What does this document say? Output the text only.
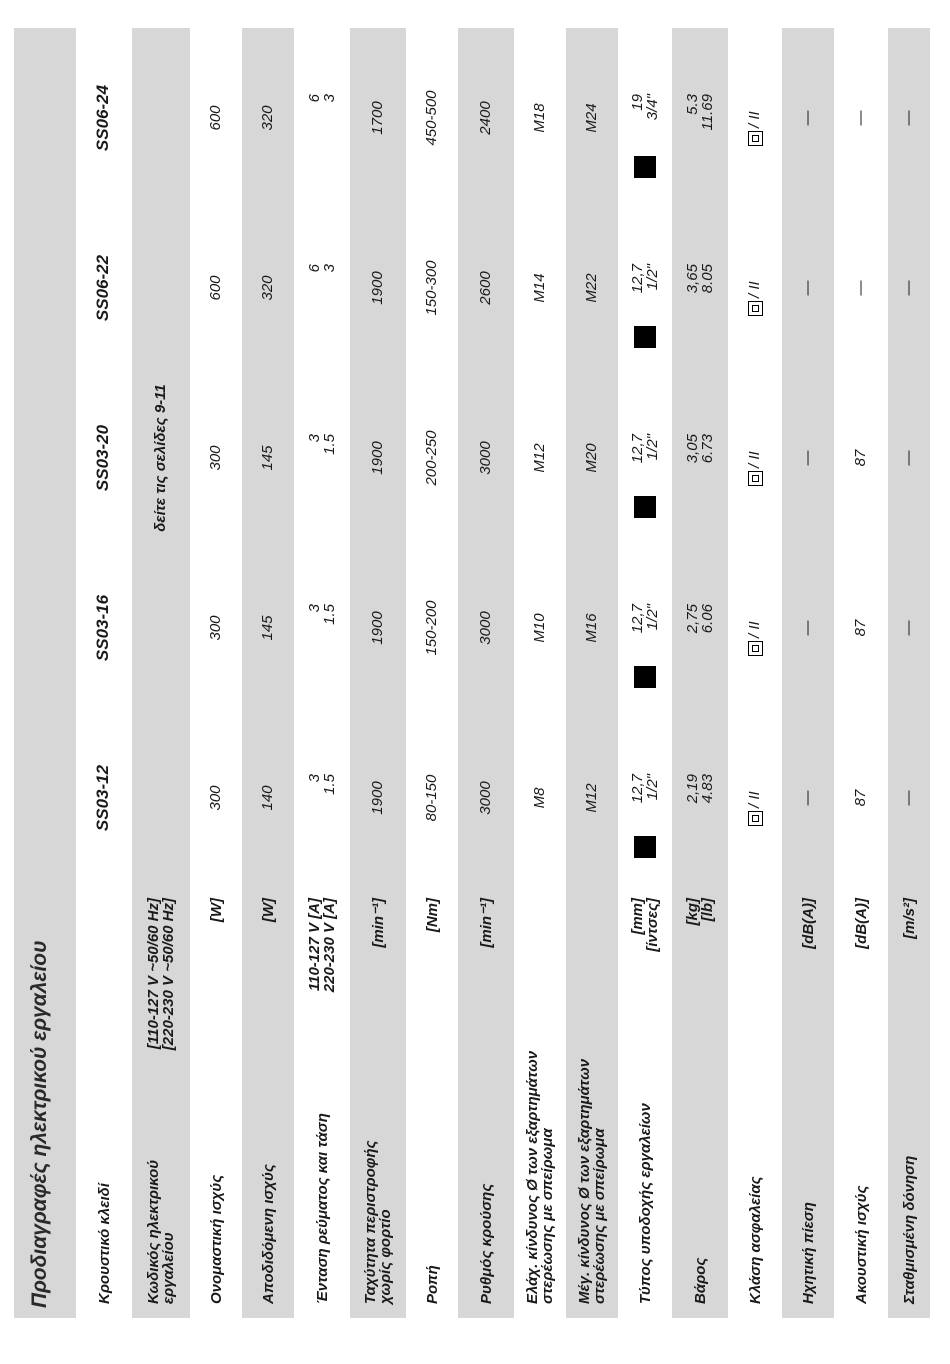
Προδιαγραφές ηλεκτρικού εργαλείου	Κρουστικό κλειδί
SS03-12
SS03-16
SS03-20
SS06-22
SS06-24
Κωδικός ηλεκτρικού
εργαλείου
[110-127 V ~50/60 Hz]
[220-230 V ~50/60 Hz]
δείτε τις σελίδες 9-11
Ονομαστική ισχύς
[W]
300
300
300
600
600
Αποδιδόμενη ισχύς
[W]
140
145
145
320
320
Ένταση ρεύματος και τάση
110-127 V [A]
220-230 V [A]
3
1.5
3
1.5
3
1.5
6
3
6
3
Ταχύτητα περιστροφής
χωρίς φορτίο
[min⁻¹]
1900
1900
1900
1900
1700
Ροπή
[Nm]
80-150
150-200
200-250
150-300
450-500
Ρυθμός κρούσης
[min⁻¹]
3000
3000
3000
2600
2400
Ελάχ. κίνδυνος Ø των εξαρτημάτων
στερέωσης με σπείρωμα
M8
M10
M12
M14
M18
Μέγ. κίνδυνος Ø των εξαρτημάτων
στερέωσης με σπείρωμα
M12
M16
M20
M22
M24
Τύπος υποδοχής εργαλείων
[mm]
[ίντσες]
12,7
1/2"
12,7
1/2"
12,7
1/2"
12,7
1/2"
19
3/4"
Βάρος
[kg]
[lb]
2,19
4.83
2,75
6.06
3,05
6.73
3,65
8.05
5.3
11.69
Κλάση ασφαλείας
/ II
/ II
/ II
/ II
/ II
Ηχητική πίεση
[dB(A)]
—
—
—
—
—
Ακουστική ισχύς
[dB(A)]
87
87
87
—
—
Σταθμισμένη δόνηση
[m/s²]
—
—
—
—
—
